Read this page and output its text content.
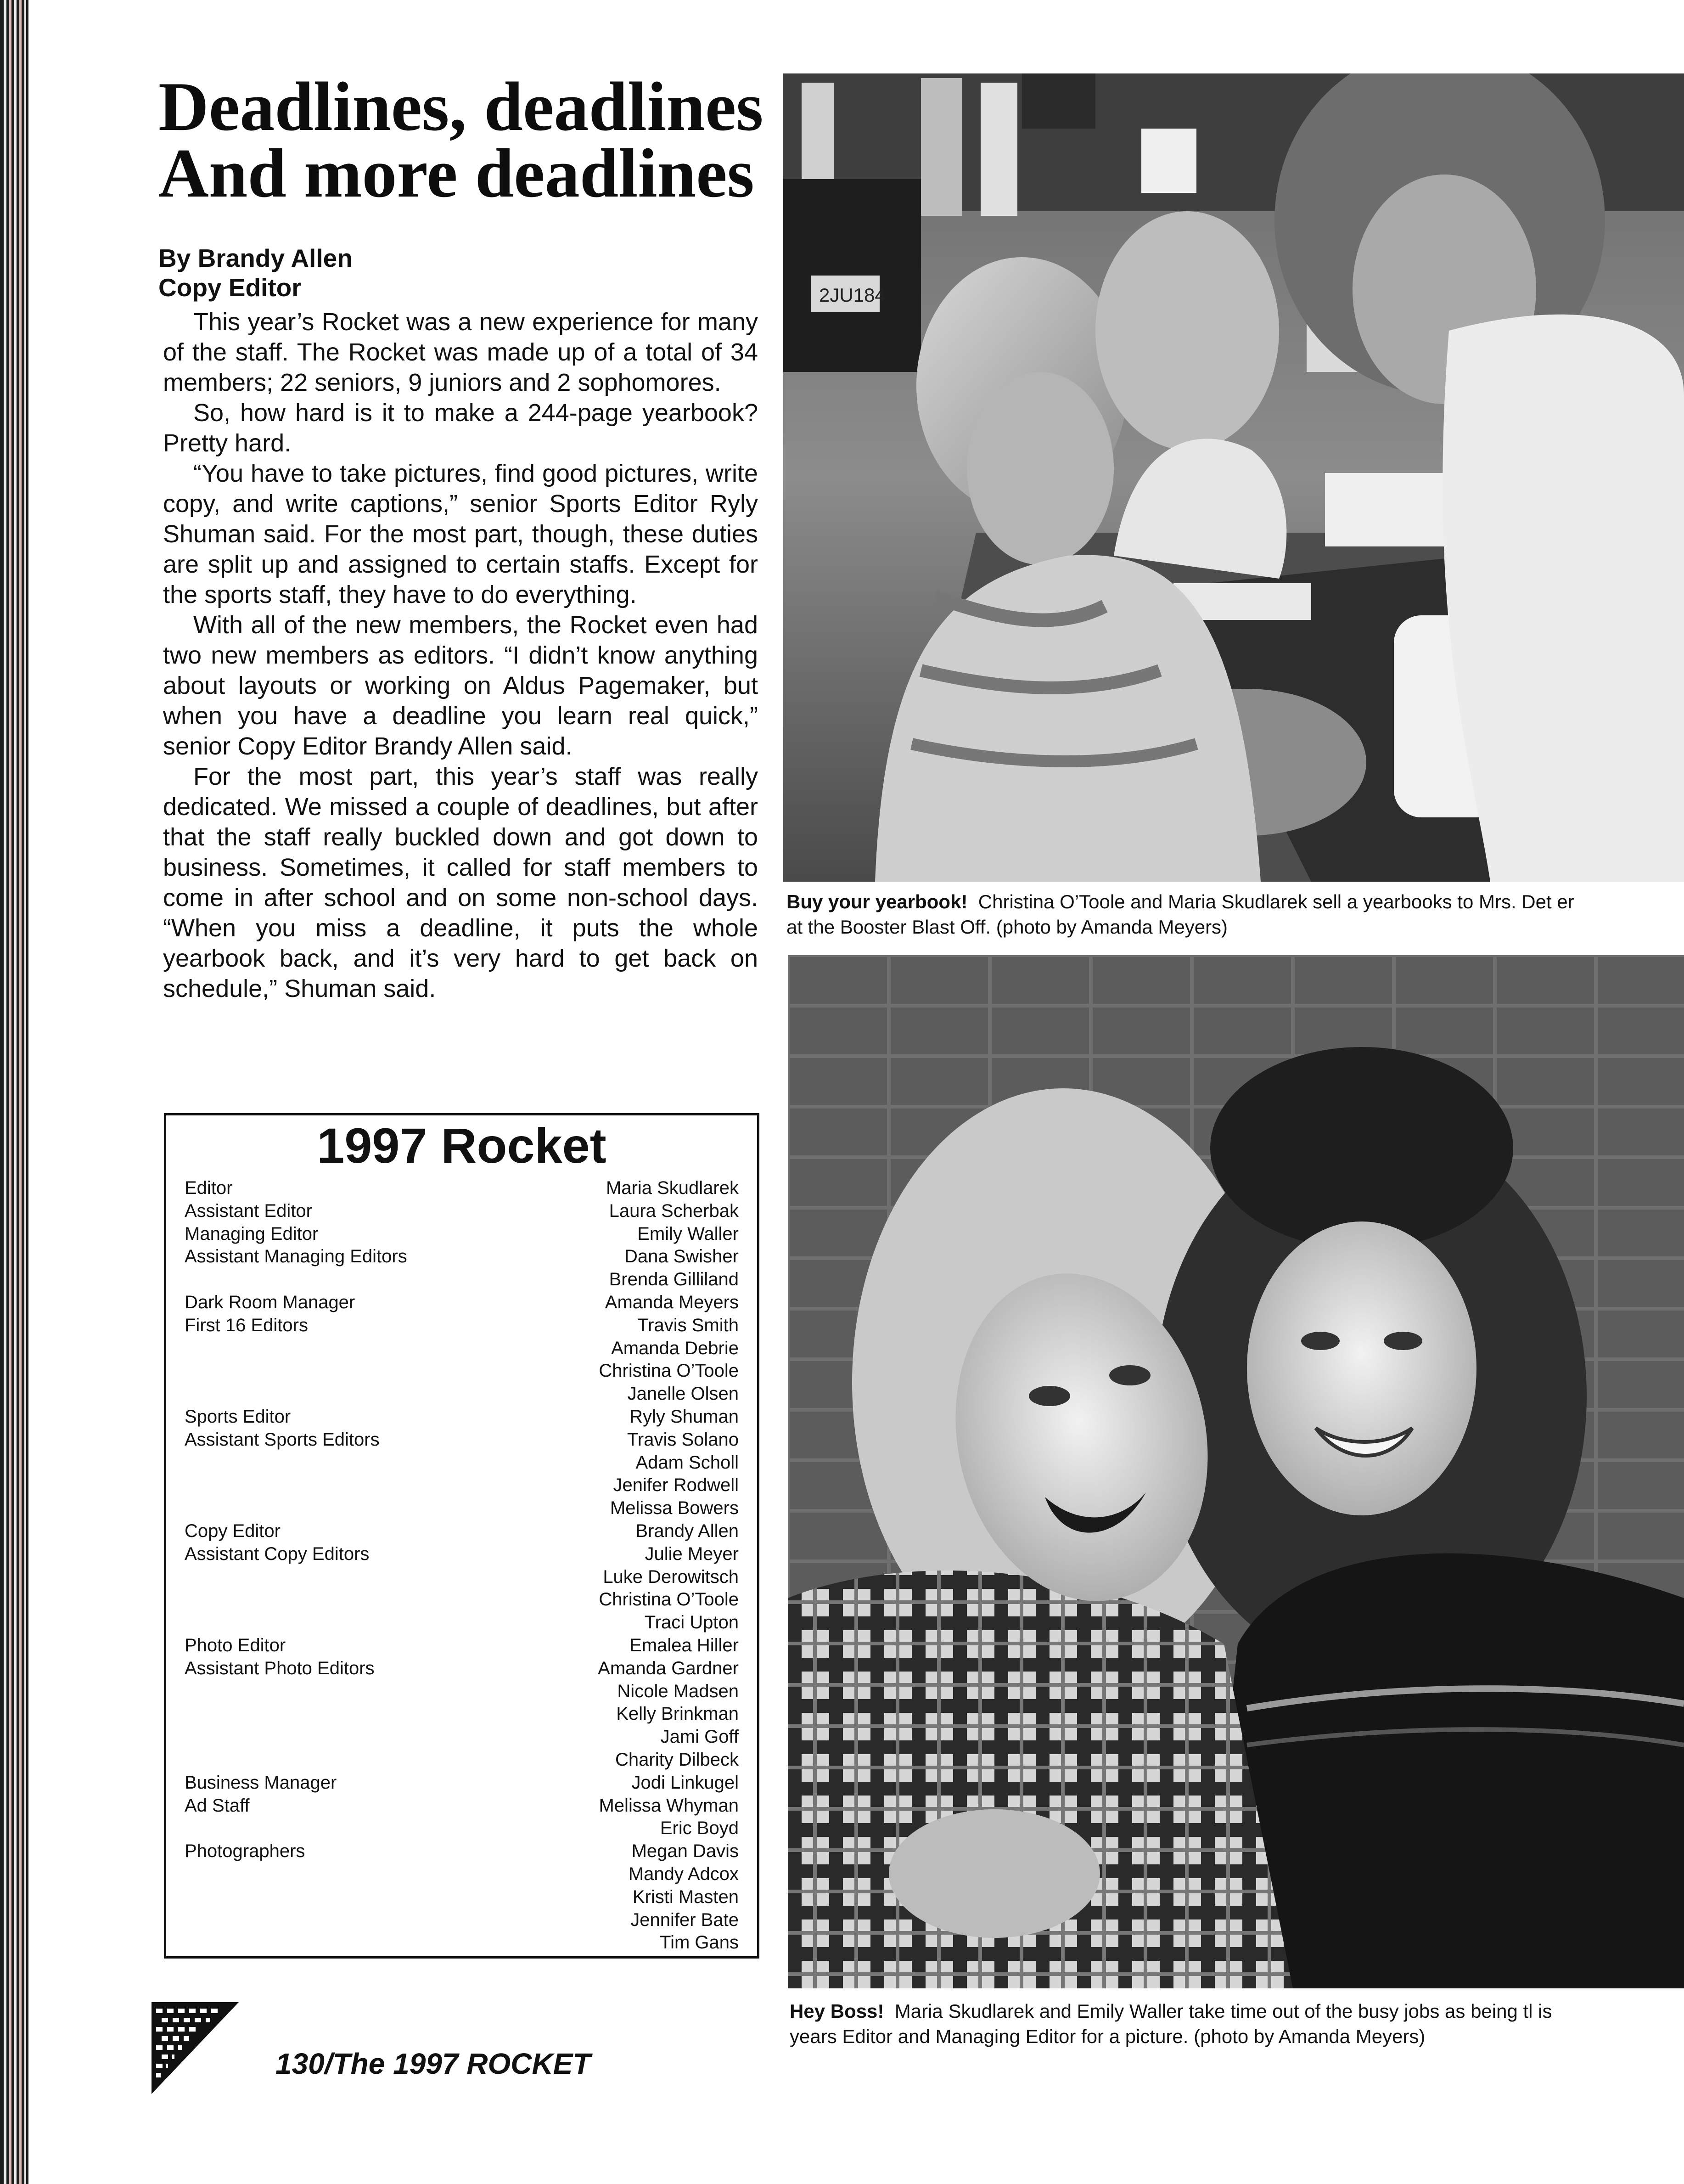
Deadlines, deadlines
And more deadlines
By Brandy Allen
Copy Editor

This year’s Rocket was a new experience for many of the staff. The Rocket was made up of a total of 34 members; 22 seniors, 9 juniors and 2 sophomores.

So, how hard is it to make a 244-page yearbook? Pretty hard.

“You have to take pictures, find good pictures, write copy, and write captions,” senior Sports Editor Ryly Shuman said. For the most part, though, these duties are split up and assigned to certain staffs. Except for the sports staff, they have to do everything.

With all of the new members, the Rocket even had two new members as editors. “I didn’t know anything about layouts or working on Aldus Pagemaker, but when you have a deadline you learn real quick,” senior Copy Editor Brandy Allen said.

For the most part, this year’s staff was really dedicated. We missed a couple of deadlines, but after that the staff really buckled down and got down to business. Sometimes, it called for staff members to come in after school and on some non-school days. “When you miss a deadline, it puts the whole yearbook back, and it’s very hard to get back on schedule,” Shuman said.

1997 Rocket
Editor	Maria Skudlarek
Assistant Editor	Laura Scherbak
Managing Editor	Emily Waller
Assistant Managing Editors	Dana Swisher
Brenda Gilliland
Dark Room Manager	Amanda Meyers
First 16 Editors	Travis Smith
Amanda Debrie
Christina O’Toole
Janelle Olsen
Sports Editor	Ryly Shuman
Assistant Sports Editors	Travis Solano
Adam Scholl
Jenifer Rodwell
Melissa Bowers
Copy Editor	Brandy Allen
Assistant Copy Editors	Julie Meyer
Luke Derowitsch
Christina O’Toole
Traci Upton
Photo Editor	Emalea Hiller
Assistant Photo Editors	Amanda Gardner
Nicole Madsen
Kelly Brinkman
Jami Goff
Charity Dilbeck
Business Manager	Jodi Linkugel
Ad Staff	Melissa Whyman
Eric Boyd
Photographers	Megan Davis
Mandy Adcox
Kristi Masten
Jennifer Bate
Tim Gans
2JU184
Buy your yearbook! Christina O’Toole and Maria Skudlarek sell a yearbooks to Mrs. Det er
at the Booster Blast Off. (photo by Amanda Meyers)
Hey Boss! Maria Skudlarek and Emily Waller take time out of the busy jobs as being tl is
years Editor and Managing Editor for a picture. (photo by Amanda Meyers)
130/The 1997 ROCKET
